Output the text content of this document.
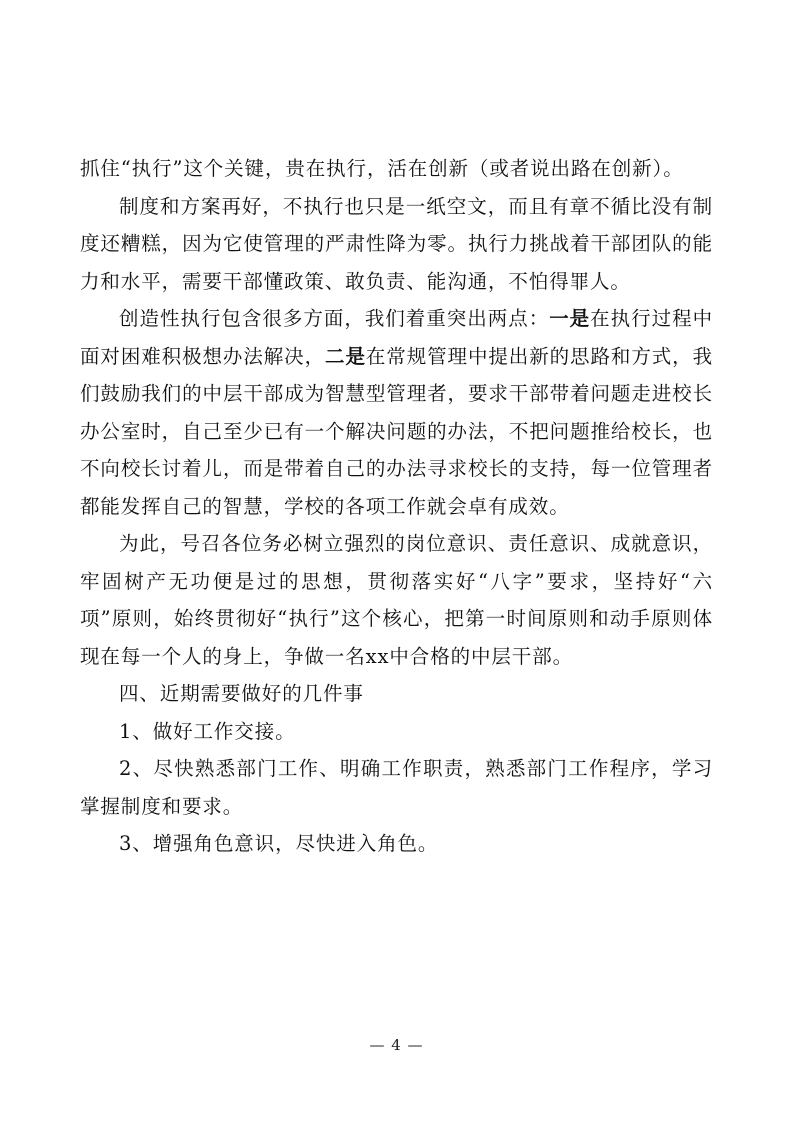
抓住“执行”这个关键，贵在执行，活在创新（或者说出路在创新）。

制度和方案再好，不执行也只是一纸空文，而且有章不循比没有制度还糟糕，因为它使管理的严肃性降为零。执行力挑战着干部团队的能力和水平，需要干部懂政策、敢负责、能沟通，不怕得罪人。

创造性执行包含很多方面，我们着重突出两点：一是在执行过程中面对困难积极想办法解决，二是在常规管理中提出新的思路和方式，我们鼓励我们的中层干部成为智慧型管理者，要求干部带着问题走进校长办公室时，自己至少已有一个解决问题的办法，不把问题推给校长，也不向校长讨着儿，而是带着自己的办法寻求校长的支持，每一位管理者都能发挥自己的智慧，学校的各项工作就会卓有成效。

为此，号召各位务必树立强烈的岗位意识、责任意识、成就意识，牢固树产无功便是过的思想，贯彻落实好“八字”要求，坚持好“六项”原则，始终贯彻好“执行”这个核心，把第一时间原则和动手原则体现在每一个人的身上，争做一名xx中合格的中层干部。

四、近期需要做好的几件事

1、做好工作交接。

2、尽快熟悉部门工作、明确工作职责，熟悉部门工作程序，学习掌握制度和要求。

3、增强角色意识，尽快进入角色。

— 4 —
